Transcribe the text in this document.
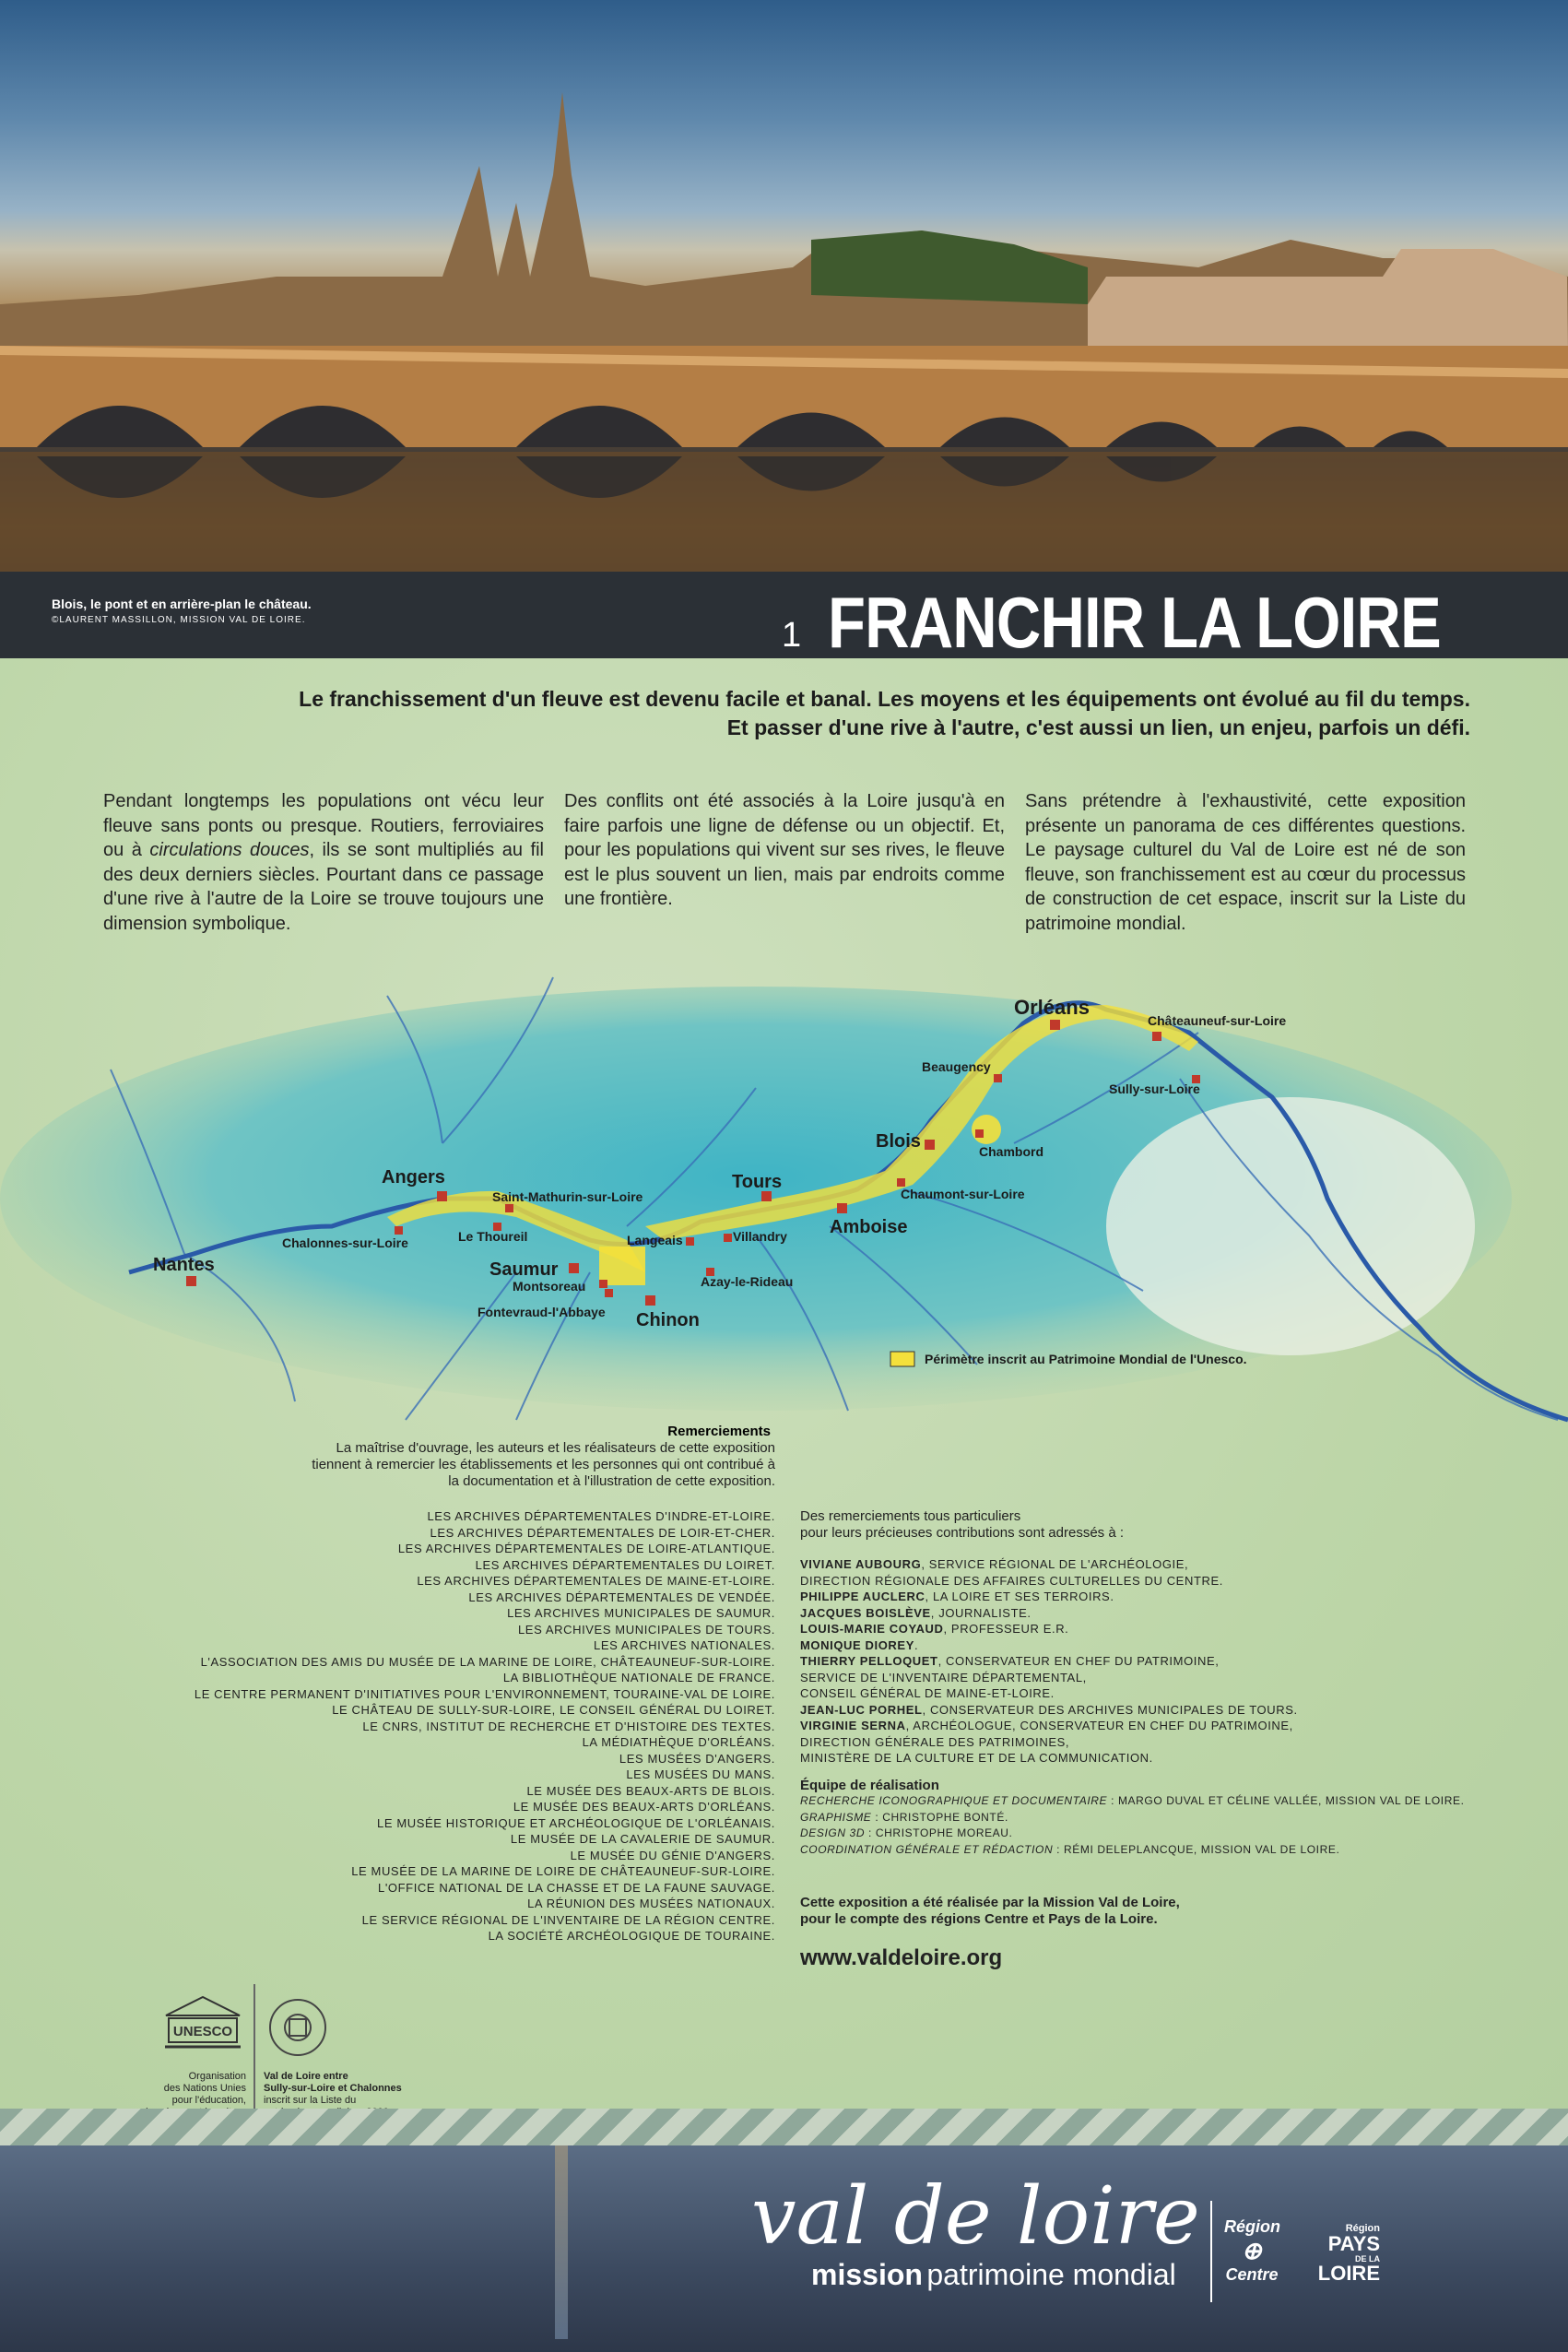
Blois, le pont et en arrière-plan le château.
©LAURENT MASSILLON, MISSION VAL DE LOIRE.	1 FRANCHIR LA LOIRE
Le franchissement d'un fleuve est devenu facile et banal. Les moyens et les équipements ont évolué au fil du temps.
Et passer d'une rive à l'autre, c'est aussi un lien, un enjeu, parfois un défi.
Pendant longtemps les populations ont vécu leur fleuve sans ponts ou presque. Routiers, ferroviaires ou à circulations douces, ils se sont multipliés au fil des deux derniers siècles. Pourtant dans ce passage d'une rive à l'autre de la Loire se trouve toujours une dimension symbolique.
Des conflits ont été associés à la Loire jusqu'à en faire parfois une ligne de défense ou un objectif. Et, pour les populations qui vivent sur ses rives, le fleuve est le plus souvent un lien, mais par endroits comme une frontière.
Sans prétendre à l'exhaustivité, cette exposition présente un panorama de ces différentes questions. Le paysage culturel du Val de Loire est né de son fleuve, son franchissement est au cœur du processus de construction de cet espace, inscrit sur la Liste du patrimoine mondial.
Orléans
Châteauneuf-sur-Loire
Beaugency
Sully-sur-Loire
Blois	Chambord
Chaumont-sur-Loire
Tours
Amboise
Angers
Saint-Mathurin-sur-Loire
Le Thoureil	Langeais	Villandry
Nantes
Chalonnes-sur-Loire
Saumur
Montsoreau	Azay-le-Rideau
Fontevraud-l'Abbaye Chinon
Périmètre inscrit au Patrimoine Mondial de l'Unesco.
Remerciements
La maîtrise d'ouvrage, les auteurs et les réalisateurs de cette exposition
tiennent à remercier les établissements et les personnes qui ont contribué à
la documentation et à l'illustration de cette exposition.
LES ARCHIVES DÉPARTEMENTALES D'INDRE-ET-LOIRE.
LES ARCHIVES DÉPARTEMENTALES DE LOIR-ET-CHER.
LES ARCHIVES DÉPARTEMENTALES DE LOIRE-ATLANTIQUE.
LES ARCHIVES DÉPARTEMENTALES DU LOIRET.
LES ARCHIVES DÉPARTEMENTALES DE MAINE-ET-LOIRE.
LES ARCHIVES DÉPARTEMENTALES DE VENDÉE.
LES ARCHIVES MUNICIPALES DE SAUMUR.
LES ARCHIVES MUNICIPALES DE TOURS.
LES ARCHIVES NATIONALES.
L'ASSOCIATION DES AMIS DU MUSÉE DE LA MARINE DE LOIRE, CHÂTEAUNEUF-SUR-LOIRE.
LA BIBLIOTHÈQUE NATIONALE DE FRANCE.
LE CENTRE PERMANENT D'INITIATIVES POUR L'ENVIRONNEMENT, TOURAINE-VAL DE LOIRE.
LE CHÂTEAU DE SULLY-SUR-LOIRE, LE CONSEIL GÉNÉRAL DU LOIRET.
LE CNRS, INSTITUT DE RECHERCHE ET D'HISTOIRE DES TEXTES.
LA MÉDIATHÈQUE D'ORLÉANS.
LES MUSÉES D'ANGERS.
LES MUSÉES DU MANS.
LE MUSÉE DES BEAUX-ARTS DE BLOIS.
LE MUSÉE DES BEAUX-ARTS D'ORLÉANS.
LE MUSÉE HISTORIQUE ET ARCHÉOLOGIQUE DE L'ORLÉANAIS.
LE MUSÉE DE LA CAVALERIE DE SAUMUR.
LE MUSÉE DU GÉNIE D'ANGERS.
LE MUSÉE DE LA MARINE DE LOIRE DE CHÂTEAUNEUF-SUR-LOIRE.
L'OFFICE NATIONAL DE LA CHASSE ET DE LA FAUNE SAUVAGE.
LA RÉUNION DES MUSÉES NATIONAUX.
LE SERVICE RÉGIONAL DE L'INVENTAIRE DE LA RÉGION CENTRE.
LA SOCIÉTÉ ARCHÉOLOGIQUE DE TOURAINE.
Des remerciements tous particuliers
pour leurs précieuses contributions sont adressés à :
VIVIANE AUBOURG, SERVICE RÉGIONAL DE L'ARCHÉOLOGIE,
DIRECTION RÉGIONALE DES AFFAIRES CULTURELLES DU CENTRE.
PHILIPPE AUCLERC, LA LOIRE ET SES TERROIRS.
JACQUES BOISLÈVE, JOURNALISTE.
LOUIS-MARIE COYAUD, PROFESSEUR E.R.
MONIQUE DIOREY.
THIERRY PELLOQUET, CONSERVATEUR EN CHEF DU PATRIMOINE,
SERVICE DE L'INVENTAIRE DÉPARTEMENTAL,
CONSEIL GÉNÉRAL DE MAINE-ET-LOIRE.
JEAN-LUC PORHEL, CONSERVATEUR DES ARCHIVES MUNICIPALES DE TOURS.
VIRGINIE SERNA, ARCHÉOLOGUE, CONSERVATEUR EN CHEF DU PATRIMOINE,
DIRECTION GÉNÉRALE DES PATRIMOINES,
MINISTÈRE DE LA CULTURE ET DE LA COMMUNICATION.
Équipe de réalisation
RECHERCHE ICONOGRAPHIQUE ET DOCUMENTAIRE : MARGO DUVAL ET CÉLINE VALLÉE, MISSION VAL DE LOIRE.
GRAPHISME : CHRISTOPHE BONTÉ.
DESIGN 3D : CHRISTOPHE MOREAU.
COORDINATION GÉNÉRALE ET RÉDACTION : RÉMI DELEPLANCQUE, MISSION VAL DE LOIRE.
Cette exposition a été réalisée par la Mission Val de Loire,
pour le compte des régions Centre et Pays de la Loire.
www.valdeloire.org
UNESCO
Organisation
des Nations Unies
pour l'éducation,
Val de Loire entre
Sully-sur-Loire et Chalonnes
inscrit sur la Liste du
val de loire
mission patrimoine mondial
Région
⊕
Centre
Région
PAYS
DE LA
LOIRE
